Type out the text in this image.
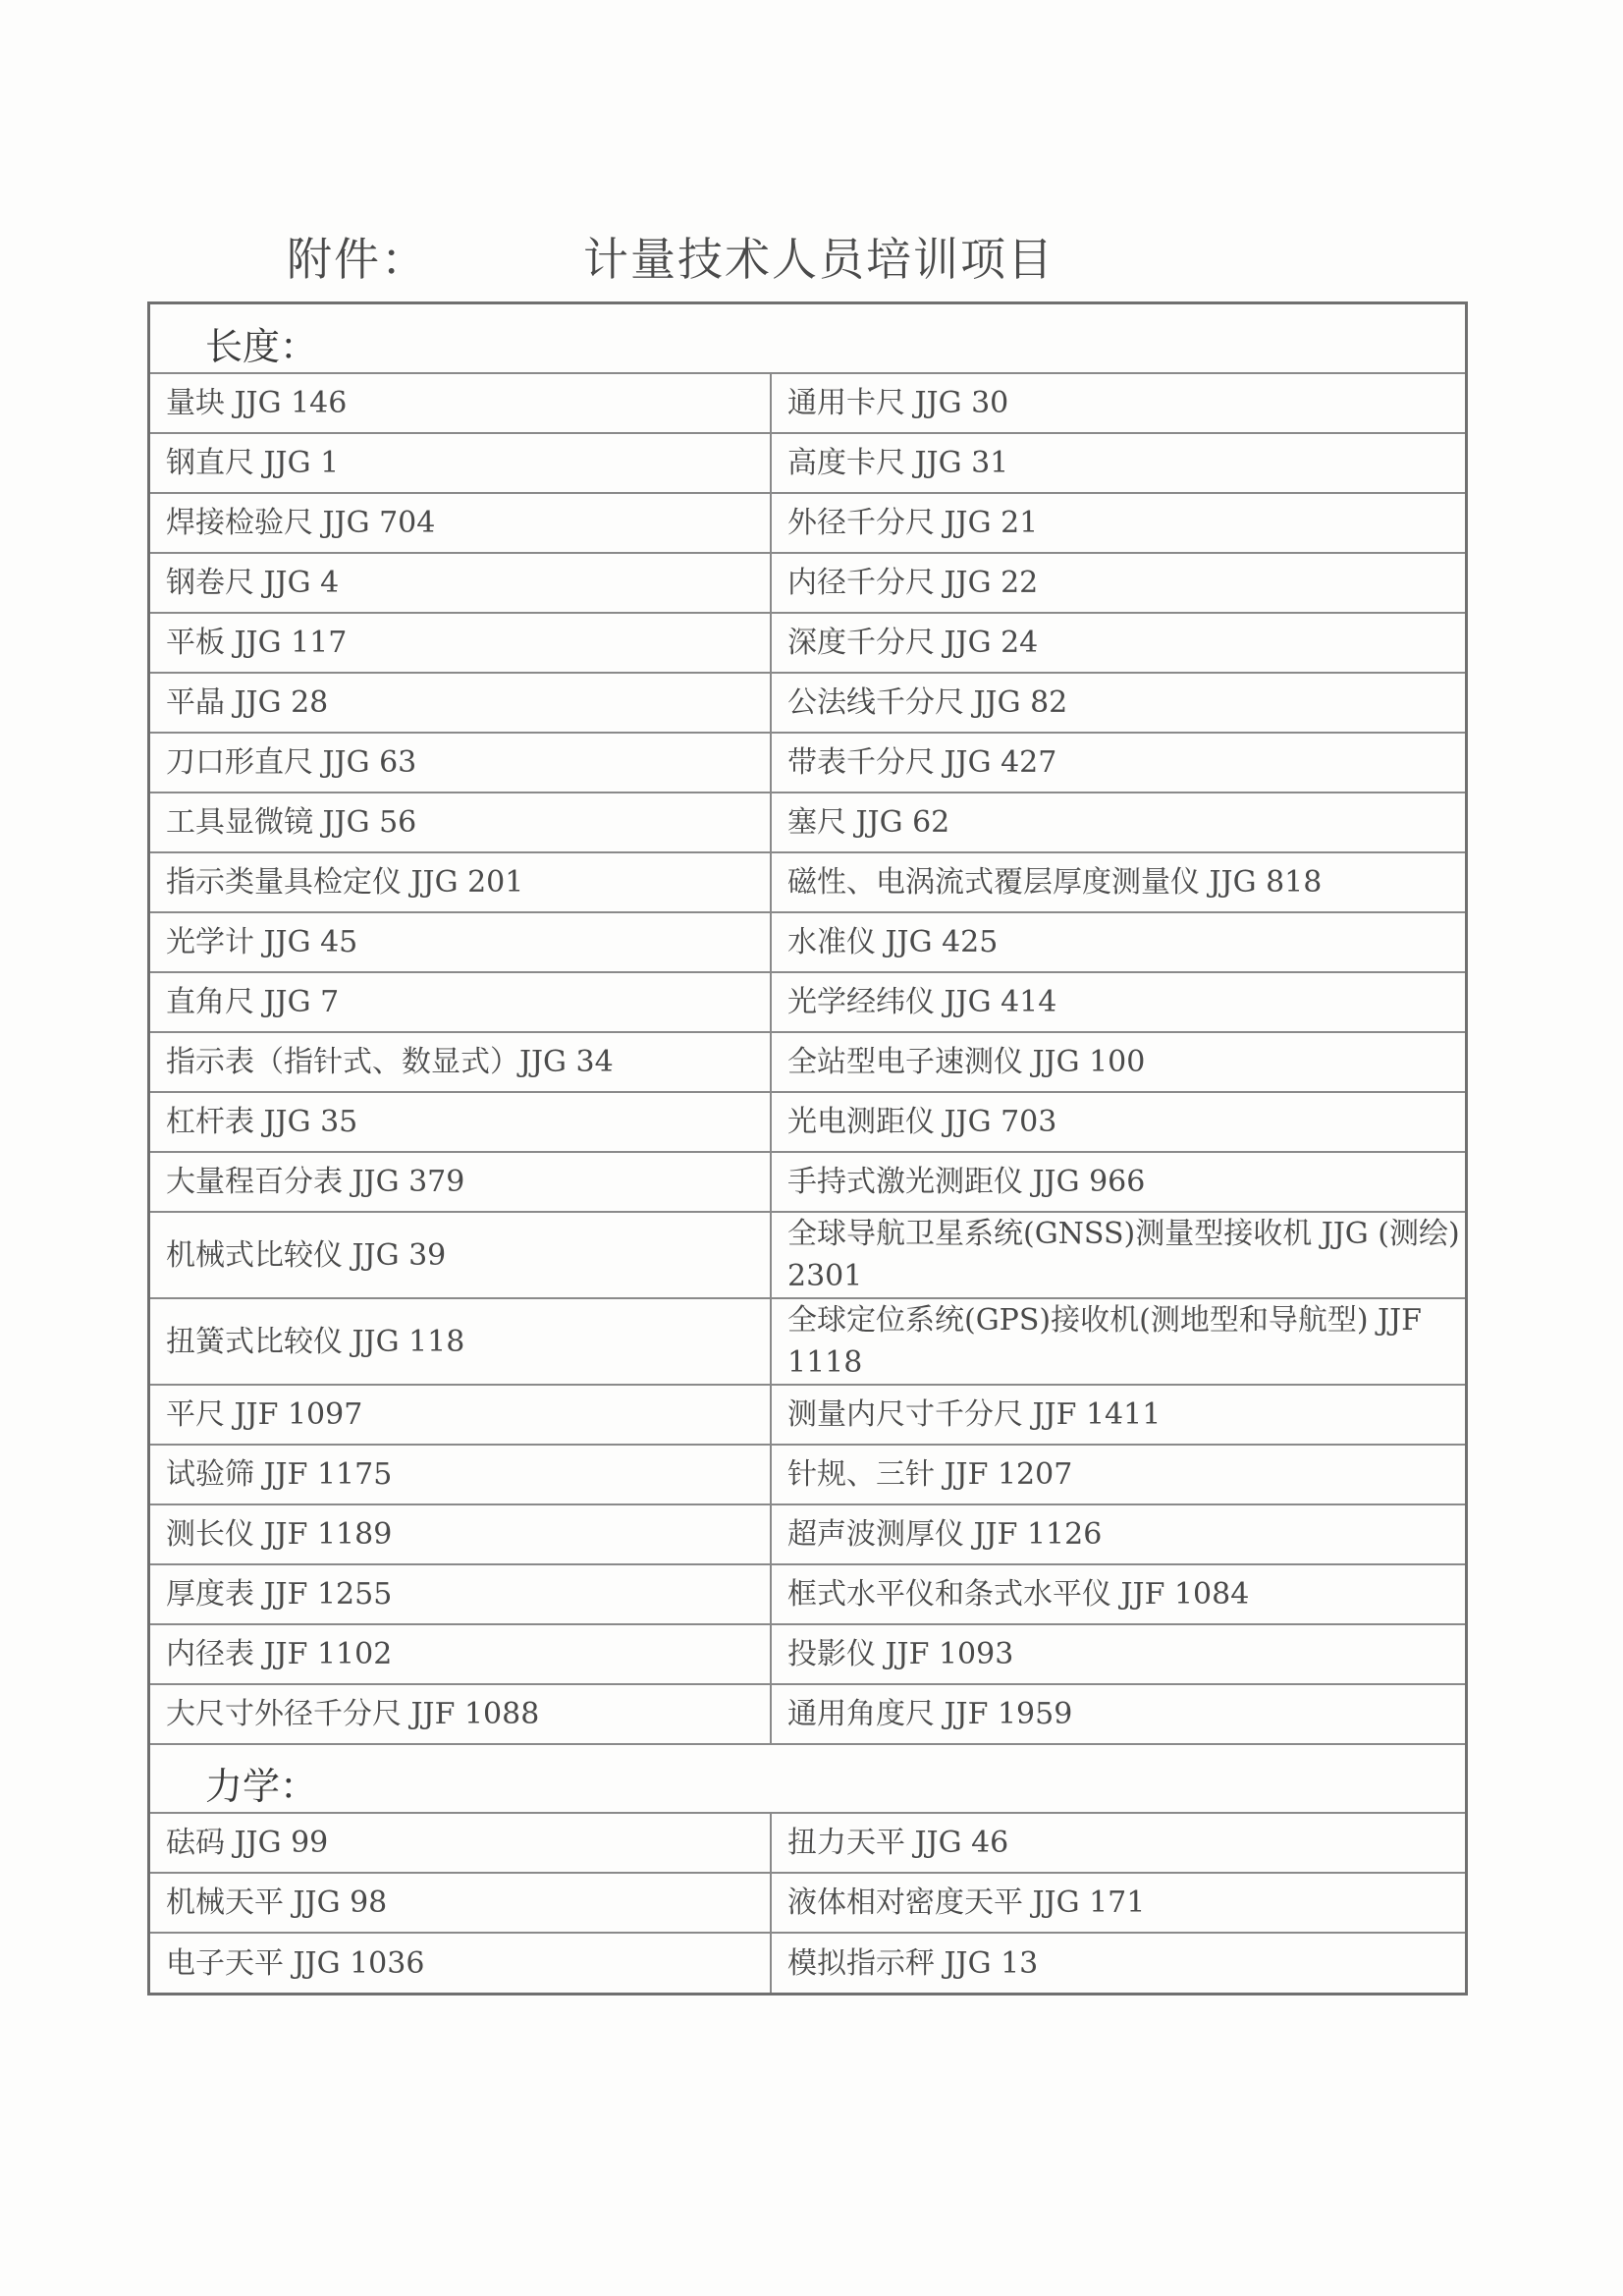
附件：	计量技术人员培训项目
长度：	
量块 JJG 146	通用卡尺 JJG 30
钢直尺 JJG 1	高度卡尺 JJG 31
焊接检验尺 JJG 704	外径千分尺 JJG 21
钢卷尺 JJG 4	内径千分尺 JJG 22
平板 JJG 117	深度千分尺 JJG 24
平晶 JJG 28	公法线千分尺 JJG 82
刀口形直尺 JJG 63	带表千分尺 JJG 427
工具显微镜 JJG 56	塞尺 JJG 62
指示类量具检定仪 JJG 201	磁性、电涡流式覆层厚度测量仪 JJG 818
光学计 JJG 45	水准仪 JJG 425
直角尺 JJG 7	光学经纬仪 JJG 414
指示表（指针式、数显式）JJG 34	全站型电子速测仪 JJG 100
杠杆表 JJG 35	光电测距仪 JJG 703
大量程百分表 JJG 379	手持式激光测距仪 JJG 966
机械式比较仪 JJG 39	全球导航卫星系统(GNSS)测量型接收机 JJG (测绘) 2301
扭簧式比较仪 JJG 118	全球定位系统(GPS)接收机(测地型和导航型) JJF 1118
平尺 JJF 1097	测量内尺寸千分尺 JJF 1411
试验筛 JJF 1175	针规、三针 JJF 1207
测长仪 JJF 1189	超声波测厚仪 JJF 1126
厚度表 JJF 1255	框式水平仪和条式水平仪 JJF 1084
内径表 JJF 1102	投影仪 JJF 1093
大尺寸外径千分尺 JJF 1088	通用角度尺 JJF 1959
力学：	
砝码 JJG 99	扭力天平 JJG 46
机械天平 JJG 98	液体相对密度天平 JJG 171
电子天平 JJG 1036	模拟指示秤 JJG 13
